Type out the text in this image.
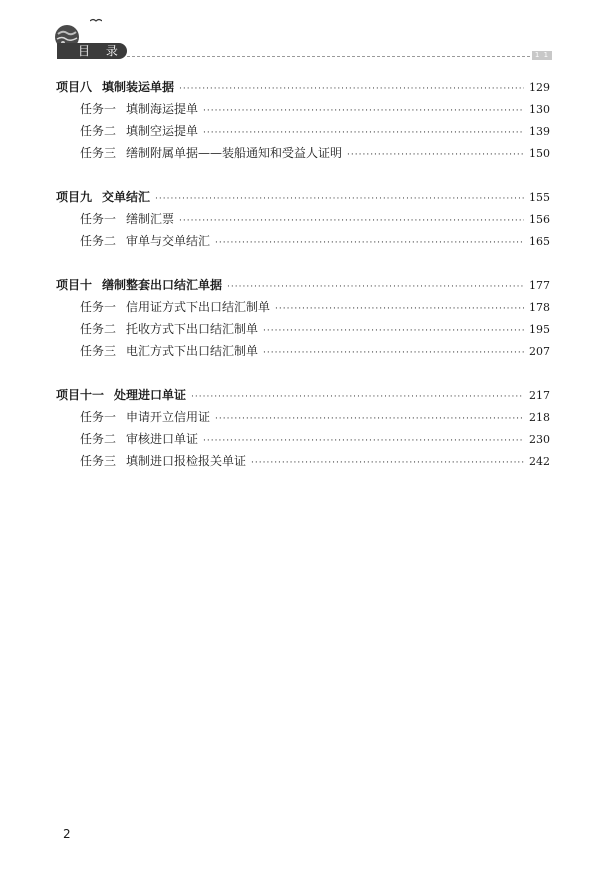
目 录	1 1 1
项目八 填制装运单据 ·····	129
任务一 填制海运提单 ·····	130
任务二 填制空运提单 ·····	139
任务三 缮制附属单据——装船通知和受益人证明 ·····	150
项目九 交单结汇 ·····	155
任务一 缮制汇票 ·····	156
任务二 审单与交单结汇 ·····	165
项目十 缮制整套出口结汇单据 ·····	177
任务一 信用证方式下出口结汇制单 ·····	178
任务二 托收方式下出口结汇制单 ·····	195
任务三 电汇方式下出口结汇制单 ·····	207
项目十一 处理进口单证 ·····	217
任务一 申请开立信用证 ·····	218
任务二 审核进口单证 ·····	230
任务三 填制进口报检报关单证 ·····	242
2
